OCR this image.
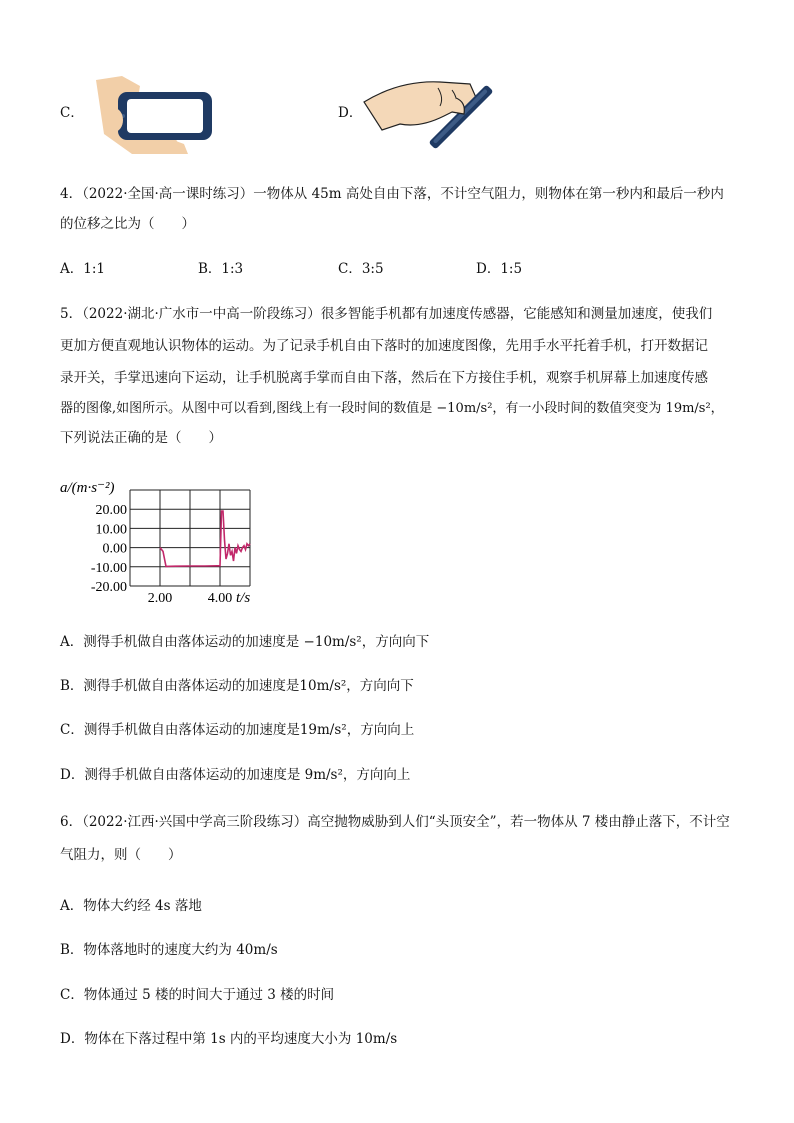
C．	D．
4．（2022·全国·高一课时练习）一物体从 45m 高处自由下落，不计空气阻力，则物体在第一秒内和最后一秒内
的位移之比为（　　）
A．1:1	B．1:3	C．3:5	D．1:5
5．（2022·湖北·广水市一中高一阶段练习）很多智能手机都有加速度传感器，它能感知和测量加速度，使我们
更加方便直观地认识物体的运动。为了记录手机自由下落时的加速度图像，先用手水平托着手机，打开数据记
录开关，手掌迅速向下运动，让手机脱离手掌而自由下落，然后在下方接住手机，观察手机屏幕上加速度传感
器的图像,如图所示。从图中可以看到,图线上有一段时间的数值是 −10m/s²，有一小段时间的数值突变为 19m/s²，
下列说法正确的是（　　）
a/(m·s⁻²)
20.00
10.00
0.00
-10.00
-20.00
2.00	4.00 t/s
A．测得手机做自由落体运动的加速度是 −10m/s²，方向向下
B．测得手机做自由落体运动的加速度是10m/s²，方向向下
C．测得手机做自由落体运动的加速度是19m/s²，方向向上
D．测得手机做自由落体运动的加速度是 9m/s²，方向向上
6．（2022·江西·兴国中学高三阶段练习）高空抛物威胁到人们“头顶安全”，若一物体从 7 楼由静止落下，不计空
气阻力，则（　　）
A．物体大约经 4s 落地
B．物体落地时的速度大约为 40m/s
C．物体通过 5 楼的时间大于通过 3 楼的时间
D．物体在下落过程中第 1s 内的平均速度大小为 10m/s
